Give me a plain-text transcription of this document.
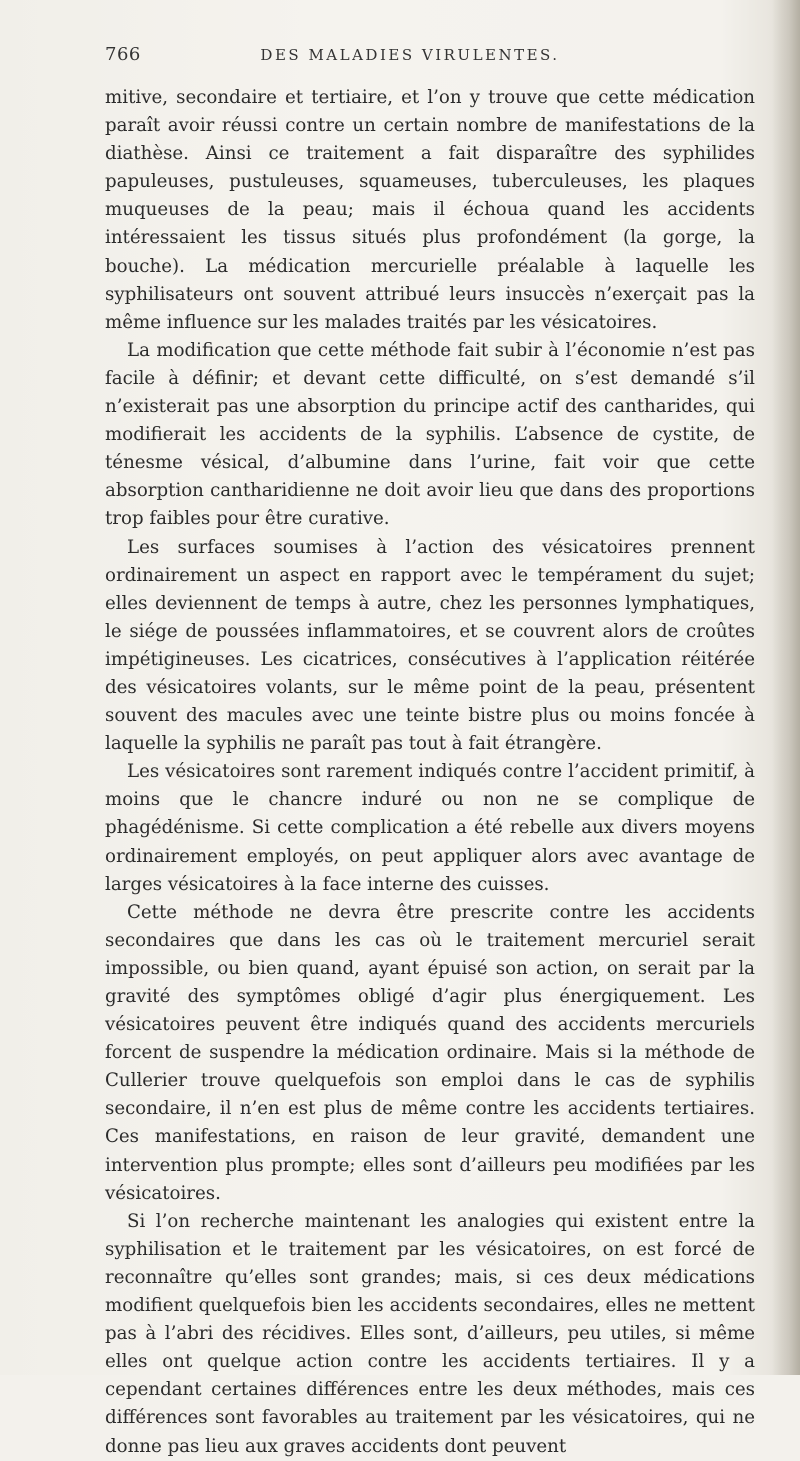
766	DES MALADIES VIRULENTES.

mitive, secondaire et tertiaire, et l’on y trouve que cette médication paraît avoir réussi contre un certain nombre de manifestations de la diathèse. Ainsi ce traitement a fait disparaître des syphilides papuleuses, pustuleuses, squameuses, tuberculeuses, les plaques muqueuses de la peau; mais il échoua quand les accidents intéressaient les tissus situés plus profondément (la gorge, la bouche). La médication mercurielle préalable à laquelle les syphilisateurs ont souvent attribué leurs insuccès n’exerçait pas la même influence sur les malades traités par les vésicatoires.

La modification que cette méthode fait subir à l’économie n’est pas facile à définir; et devant cette difficulté, on s’est demandé s’il n’existerait pas une absorption du principe actif des cantharides, qui modifierait les accidents de la syphilis. L’absence de cystite, de ténesme vésical, d’albumine dans l’urine, fait voir que cette absorption cantharidienne ne doit avoir lieu que dans des proportions trop faibles pour être curative.

Les surfaces soumises à l’action des vésicatoires prennent ordinairement un aspect en rapport avec le tempérament du sujet; elles deviennent de temps à autre, chez les personnes lymphatiques, le siége de poussées inflammatoires, et se couvrent alors de croûtes impétigineuses. Les cicatrices, consécutives à l’application réitérée des vésicatoires volants, sur le même point de la peau, présentent souvent des macules avec une teinte bistre plus ou moins foncée à laquelle la syphilis ne paraît pas tout à fait étrangère.

Les vésicatoires sont rarement indiqués contre l’accident primitif, à moins que le chancre induré ou non ne se complique de phagédénisme. Si cette complication a été rebelle aux divers moyens ordinairement employés, on peut appliquer alors avec avantage de larges vésicatoires à la face interne des cuisses.

Cette méthode ne devra être prescrite contre les accidents secondaires que dans les cas où le traitement mercuriel serait impossible, ou bien quand, ayant épuisé son action, on serait par la gravité des symptômes obligé d’agir plus énergiquement. Les vésicatoires peuvent être indiqués quand des accidents mercuriels forcent de suspendre la médication ordinaire. Mais si la méthode de Cullerier trouve quelquefois son emploi dans le cas de syphilis secondaire, il n’en est plus de même contre les accidents tertiaires. Ces manifestations, en raison de leur gravité, demandent une intervention plus prompte; elles sont d’ailleurs peu modifiées par les vésicatoires.

Si l’on recherche maintenant les analogies qui existent entre la syphilisation et le traitement par les vésicatoires, on est forcé de reconnaître qu’elles sont grandes; mais, si ces deux médications modifient quelquefois bien les accidents secondaires, elles ne mettent pas à l’abri des récidives. Elles sont, d’ailleurs, peu utiles, si même elles ont quelque action contre les accidents tertiaires. Il y a cependant certaines différences entre les deux méthodes, mais ces différences sont favorables au traitement par les vésicatoires, qui ne donne pas lieu aux graves accidents dont peuvent
